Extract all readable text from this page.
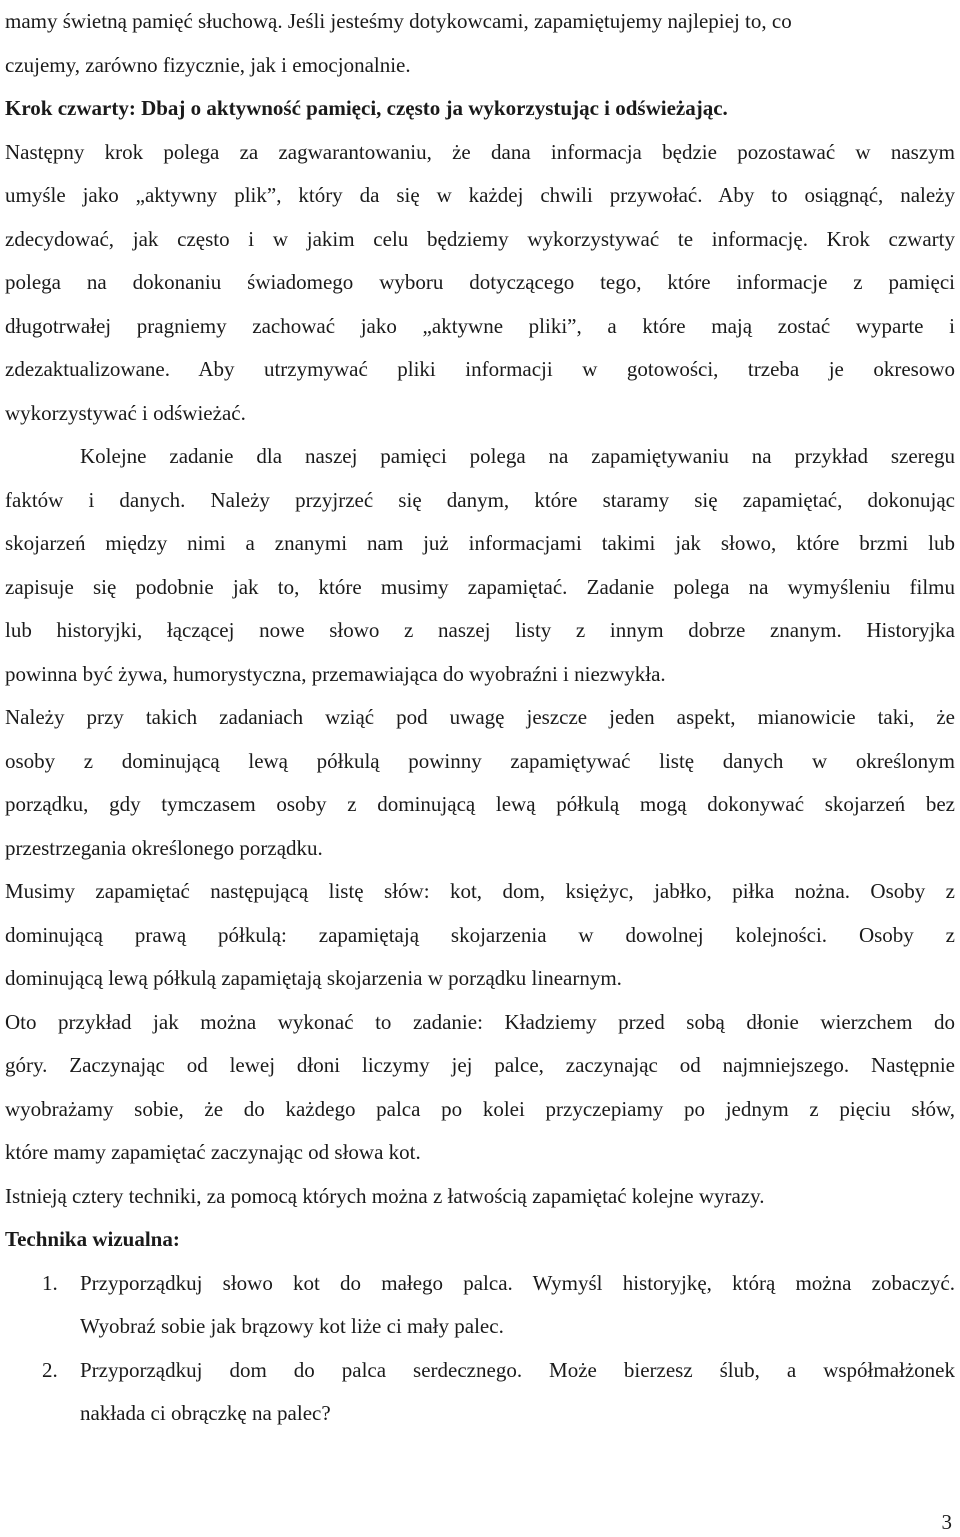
mamy świetną pamięć słuchową. Jeśli jesteśmy dotykowcami, zapamiętujemy najlepiej to, co
czujemy, zarówno fizycznie, jak i emocjonalnie.
Krok czwarty: Dbaj o aktywność pamięci, często ja wykorzystując i odświeżając.
Następny krok polega za zagwarantowaniu, że dana informacja będzie pozostawać w naszym
umyśle jako „aktywny plik”, który da się w każdej chwili przywołać. Aby to osiągnąć, należy
zdecydować, jak często i w jakim celu będziemy wykorzystywać te informację. Krok czwarty
polega na dokonaniu świadomego wyboru dotyczącego tego, które informacje z pamięci
długotrwałej pragniemy zachować jako „aktywne pliki”, a które mają zostać wyparte i
zdezaktualizowane. Aby utrzymywać pliki informacji w gotowości, trzeba je okresowo
wykorzystywać i odświeżać.
Kolejne zadanie dla naszej pamięci polega na zapamiętywaniu na przykład szeregu
faktów i danych. Należy przyjrzeć się danym, które staramy się zapamiętać, dokonując
skojarzeń między nimi a znanymi nam już informacjami takimi jak słowo, które brzmi lub
zapisuje się podobnie jak to, które musimy zapamiętać. Zadanie polega na wymyśleniu filmu
lub historyjki, łączącej nowe słowo z naszej listy z innym dobrze znanym. Historyjka
powinna być żywa, humorystyczna, przemawiająca do wyobraźni i niezwykła.
Należy przy takich zadaniach wziąć pod uwagę jeszcze jeden aspekt, mianowicie taki, że
osoby z dominującą lewą półkulą powinny zapamiętywać listę danych w określonym
porządku, gdy tymczasem osoby z dominującą lewą półkulą mogą dokonywać skojarzeń bez
przestrzegania określonego porządku.
Musimy zapamiętać następującą listę słów: kot, dom, księżyc, jabłko, piłka nożna. Osoby z
dominującą prawą półkulą: zapamiętają skojarzenia w dowolnej kolejności. Osoby z
dominującą lewą półkulą zapamiętają skojarzenia w porządku linearnym.
Oto przykład jak można wykonać to zadanie: Kładziemy przed sobą dłonie wierzchem do
góry. Zaczynając od lewej dłoni liczymy jej palce, zaczynając od najmniejszego. Następnie
wyobrażamy sobie, że do każdego palca po kolei przyczepiamy po jednym z pięciu słów,
które mamy zapamiętać zaczynając od słowa kot.
Istnieją cztery techniki, za pomocą których można z łatwością zapamiętać kolejne wyrazy.
Technika wizualna:
1. Przyporządkuj słowo kot do małego palca. Wymyśl historyjkę, którą można zobaczyć.
Wyobraź sobie jak brązowy kot liże ci mały palec.
2. Przyporządkuj dom do palca serdecznego. Może bierzesz ślub, a współmałżonek
nakłada ci obrączkę na palec?
3
